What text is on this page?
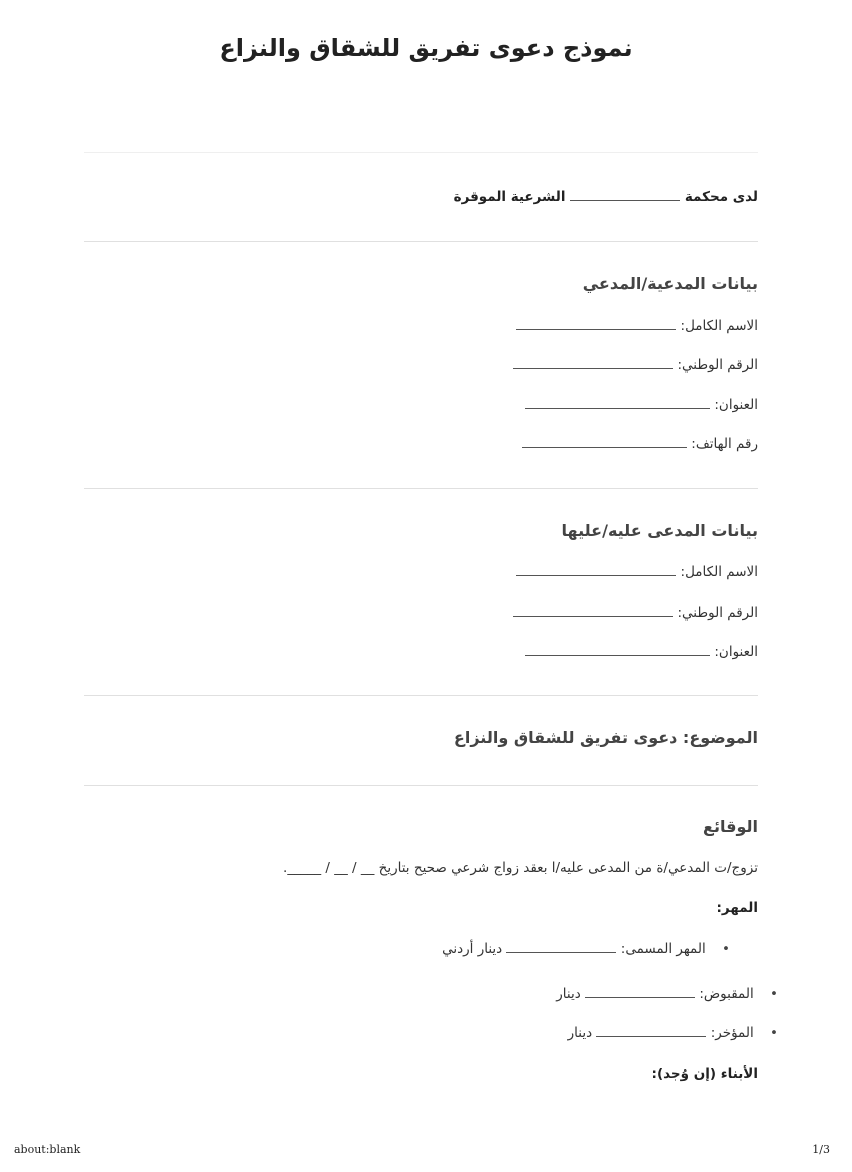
نموذج دعوى تفريق للشقاق والنزاع
لدى محكمة  الشرعية الموقرة
بيانات المدعية/المدعي
الاسم الكامل:
الرقم الوطني:
العنوان:
رقم الهاتف:
بيانات المدعى عليه/عليها
الاسم الكامل:
الرقم الوطني:
العنوان:
الموضوع: دعوى تفريق للشقاق والنزاع
الوقائع
تزوج/ت المدعي/ة من المدعى عليه/ا بعقد زواج شرعي صحيح بتاريخ __ / __ / _____.
المهر:
• المهر المسمى:  دينار أردني
• المقبوض:  دينار
• المؤخر:  دينار
الأبناء (إن وُجد):
about:blank	1/3
